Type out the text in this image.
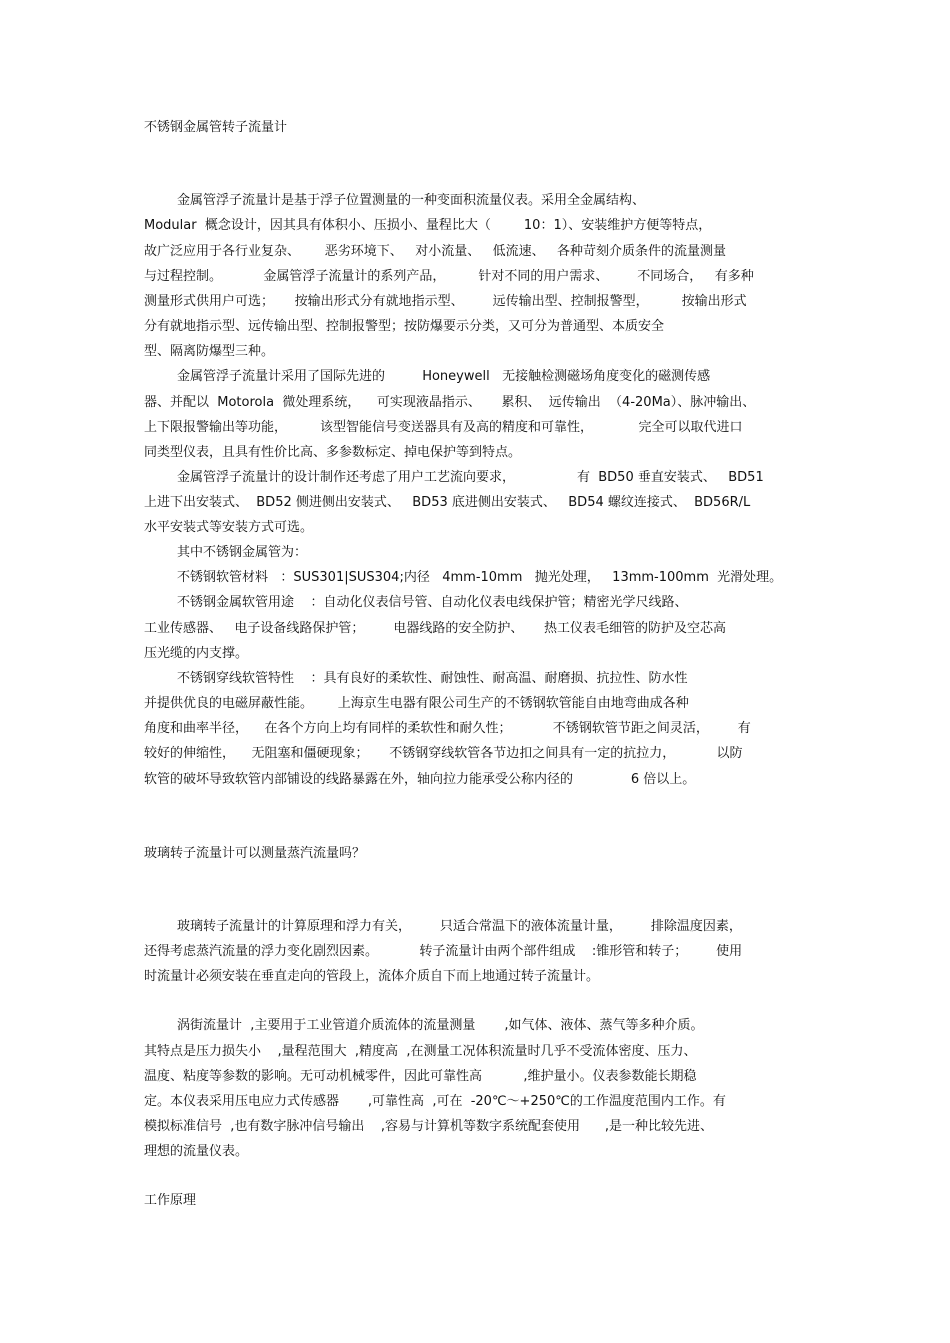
不锈钢金属管转子流量计
金属管浮子流量计是基于浮子位置测量的一种变面积流量仪表。采用全金属结构、
Modular  概念设计，因其具有体积小、压损小、量程比大（        10：1）、安装维护方便等特点，
故广泛应用于各行业复杂、      恶劣环境下、   对小流量、   低流速、   各种苛刻介质条件的流量测量
与过程控制。          金属管浮子流量计的系列产品，        针对不同的用户需求、       不同场合，   有多种
测量形式供用户可选；     按输出形式分有就地指示型、       远传输出型、控制报警型，        按输出形式
分有就地指示型、远传输出型、控制报警型；按防爆要示分类，又可分为普通型、本质安全
型、隔离防爆型三种。
金属管浮子流量计采用了国际先进的         Honeywell   无接触检测磁场角度变化的磁测传感
器、并配以  Motorola  微处理系统，    可实现液晶指示、     累积、  远传输出  （4-20Ma）、脉冲输出、
上下限报警输出等功能，        该型智能信号变送器具有及高的精度和可靠性，           完全可以取代进口
同类型仪表，且具有性价比高、多参数标定、掉电保护等到特点。
金属管浮子流量计的设计制作还考虑了用户工艺流向要求，               有  BD50 垂直安装式、   BD51
上进下出安装式、  BD52 侧进侧出安装式、   BD53 底进侧出安装式、   BD54 螺纹连接式、  BD56R/L
水平安装式等安装方式可选。
其中不锈钢金属管为：
不锈钢软管材料   ：SUS301|SUS304;内径   4mm-10mm   抛光处理，   13mm-100mm  光滑处理。
不锈钢金属软管用途    ：自动化仪表信号管、自动化仪表电线保护管；精密光学尺线路、
工业传感器、   电子设备线路保护管；       电器线路的安全防护、     热工仪表毛细管的防护及空芯高
压光缆的内支撑。
不锈钢穿线软管特性    ：具有良好的柔软性、耐蚀性、耐高温、耐磨损、抗拉性、防水性
并提供优良的电磁屏蔽性能。      上海京生电器有限公司生产的不锈钢软管能自由地弯曲成各种
角度和曲率半径，    在各个方向上均有同样的柔软性和耐久性；          不锈钢软管节距之间灵活，       有
较好的伸缩性，    无阻塞和僵硬现象；     不锈钢穿线软管各节边扣之间具有一定的抗拉力，          以防
软管的破坏导致软管内部铺设的线路暴露在外，轴向拉力能承受公称内径的              6 倍以上。
玻璃转子流量计可以测量蒸汽流量吗？
玻璃转子流量计的计算原理和浮力有关，       只适合常温下的液体流量计量，       排除温度因素，
还得考虑蒸汽流量的浮力变化剧烈因素。          转子流量计由两个部件组成    :锥形管和转子；       使用
时流量计必须安装在垂直走向的管段上，流体介质自下而上地通过转子流量计。
涡街流量计  ,主要用于工业管道介质流体的流量测量       ,如气体、液体、蒸气等多种介质。
其特点是压力损失小    ,量程范围大  ,精度高  ,在测量工况体积流量时几乎不受流体密度、压力、
温度、粘度等参数的影响。无可动机械零件，因此可靠性高          ,维护量小。仪表参数能长期稳
定。本仪表采用压电应力式传感器       ,可靠性高  ,可在  -20℃～+250℃的工作温度范围内工作。有
模拟标准信号  ,也有数字脉冲信号输出    ,容易与计算机等数字系统配套使用      ,是一种比较先进、
理想的流量仪表。
工作原理
